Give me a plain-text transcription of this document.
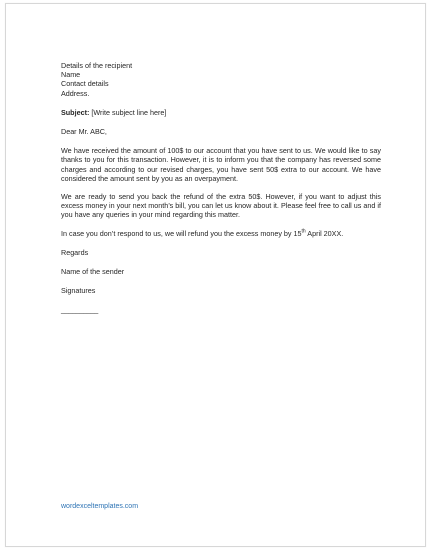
Details of the recipient
Name
Contact details
Address.
Subject: [Write subject line here]
Dear Mr. ABC,

We have received the amount of 100$ to our account that you have sent to us. We would like to say thanks to you for this transaction. However, it is to inform you that the company has reversed some charges and according to our revised charges, you have sent 50$ extra to our account. We have considered the amount sent by you as an overpayment.

We are ready to send you back the refund of the extra 50$. However, if you want to adjust this excess money in your next month’s bill, you can let us know about it. Please feel free to call us and if you have any queries in your mind regarding this matter.

In case you don’t respond to us, we will refund you the excess money by 15th April 20XX.

Regards
Name of the sender
Signatures
__________
wordexceltemplates.com
